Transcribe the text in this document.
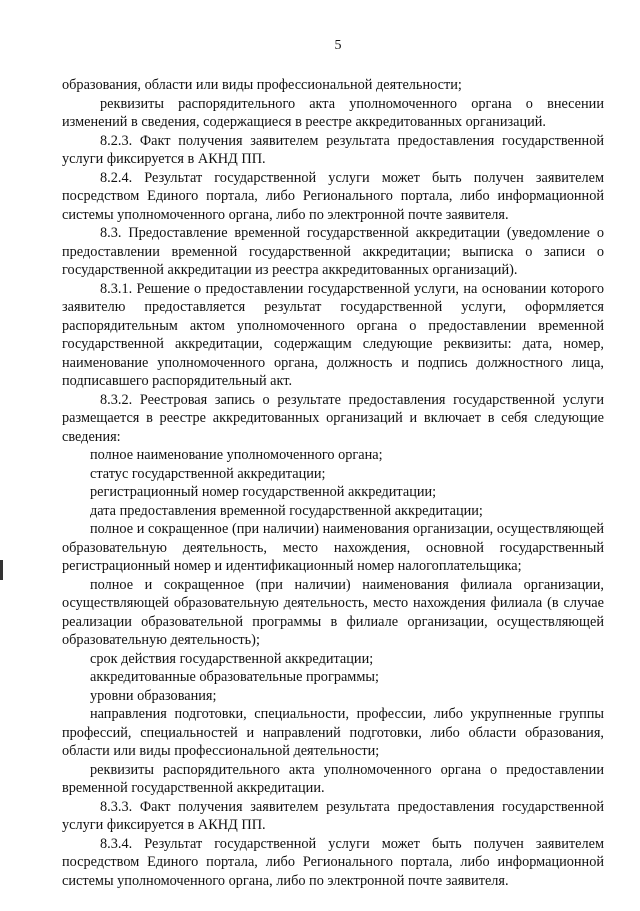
5

образования, области или виды профессиональной деятельности;

реквизиты распорядительного акта уполномоченного органа о внесении изменений в сведения, содержащиеся в реестре аккредитованных организаций.

8.2.3. Факт получения заявителем результата предоставления государственной услуги фиксируется в АКНД ПП.

8.2.4. Результат государственной услуги может быть получен заявителем посредством Единого портала, либо Регионального портала, либо информационной системы уполномоченного органа, либо по электронной почте заявителя.

8.3. Предоставление временной государственной аккредитации (уведомление о предоставлении временной государственной аккредитации; выписка о записи о государственной аккредитации из реестра аккредитованных организаций).

8.3.1. Решение о предоставлении государственной услуги, на основании которого заявителю предоставляется результат государственной услуги, оформляется распорядительным актом уполномоченного органа о предоставлении временной государственной аккредитации, содержащим следующие реквизиты: дата, номер, наименование уполномоченного органа, должность и подпись должностного лица, подписавшего распорядительный акт.

8.3.2. Реестровая запись о результате предоставления государственной услуги размещается в реестре аккредитованных организаций и включает в себя следующие сведения:

полное наименование уполномоченного органа;

статус государственной аккредитации;

регистрационный номер государственной аккредитации;

дата предоставления временной государственной аккредитации;

полное и сокращенное (при наличии) наименования организации, осуществляющей образовательную деятельность, место нахождения, основной государственный регистрационный номер и идентификационный номер налогоплательщика;

полное и сокращенное (при наличии) наименования филиала организации, осуществляющей образовательную деятельность, место нахождения филиала (в случае реализации образовательной программы в филиале организации, осуществляющей образовательную деятельность);

срок действия государственной аккредитации;

аккредитованные образовательные программы;

уровни образования;

направления подготовки, специальности, профессии, либо укрупненные группы профессий, специальностей и направлений подготовки, либо области образования, области или виды профессиональной деятельности;

реквизиты распорядительного акта уполномоченного органа о предоставлении временной государственной аккредитации.

8.3.3. Факт получения заявителем результата предоставления государственной услуги фиксируется в АКНД ПП.

8.3.4. Результат государственной услуги может быть получен заявителем посредством Единого портала, либо Регионального портала, либо информационной системы уполномоченного органа, либо по электронной почте заявителя.
